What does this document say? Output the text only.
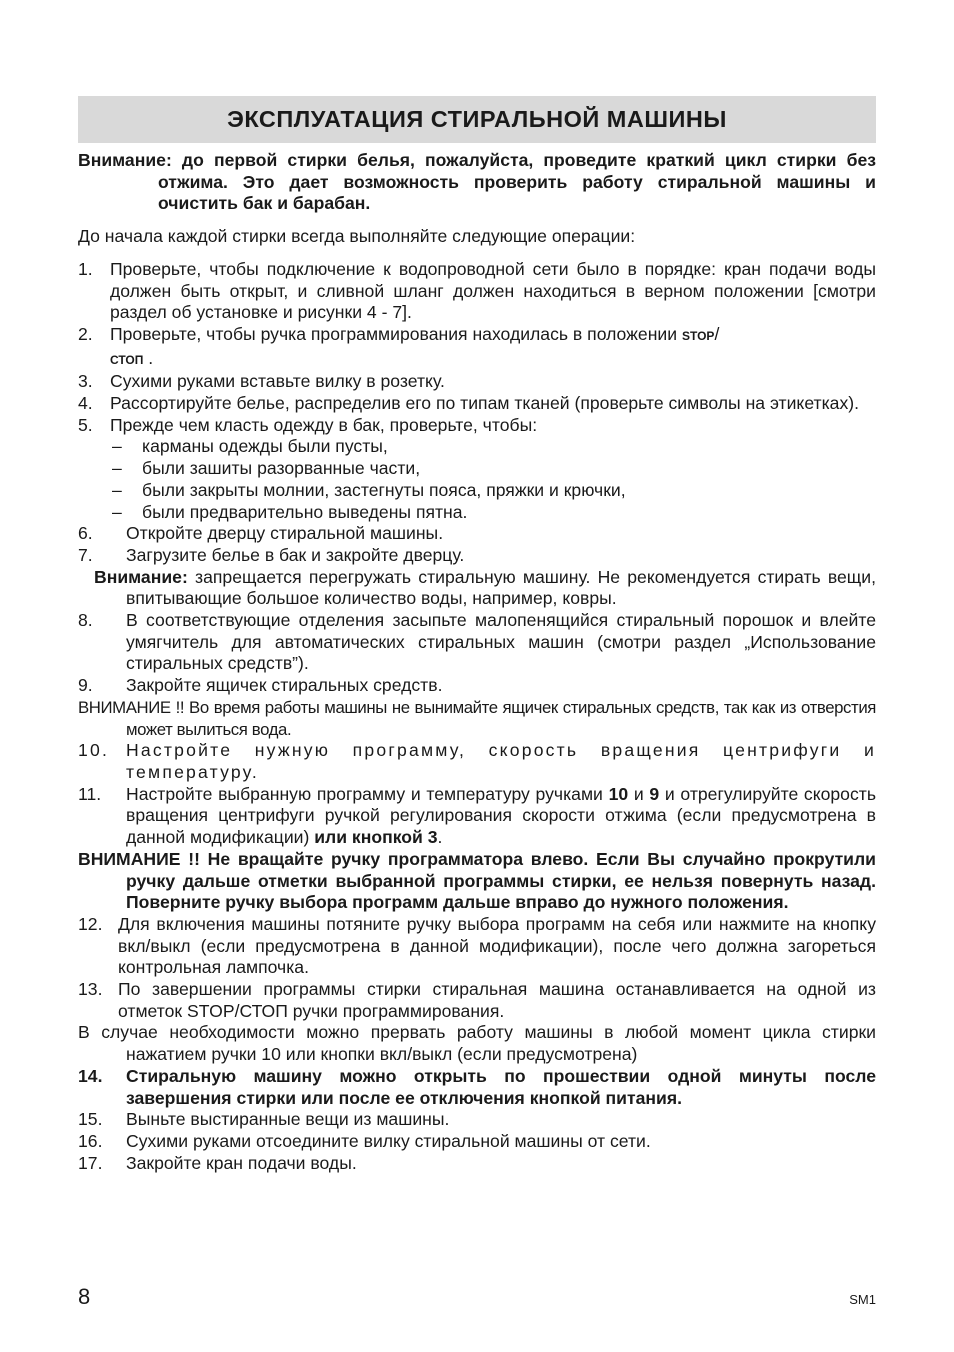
ЭКСПЛУАТАЦИЯ СТИРАЛЬНОЙ МАШИНЫ

Внимание: до первой стирки белья, пожалуйста, проведите краткий цикл стирки без отжима. Это дает возможность проверить работу стиральной машины и очистить бак и барабан.

До начала каждой стирки всегда выполняйте следующие операции:

1. Проверьте, чтобы подключение к водопроводной сети было в порядке: кран подачи воды должен быть открыт, и сливной шланг должен находиться в верном положении [смотри раздел об установке и рисунки 4 - 7].
2. Проверьте, чтобы ручка программирования находилась в положении STOP/
СТОП .
3. Сухими руками вставьте вилку в розетку.
4. Рассортируйте белье, распределив его по типам тканей (проверьте символы на этикетках).
5. Прежде чем класть одежду в бак, проверьте, чтобы:
– карманы одежды были пусты,
– были зашиты разорванные части,
– были закрыты молнии, застегнуты пояса, пряжки и крючки,
– были предварительно выведены пятна.
6. Откройте дверцу стиральной машины.
7. Загрузите белье в бак и закройте дверцу.

Внимание: запрещается перегружать стиральную машину. Не рекомендуется стирать вещи, впитывающие большое количество воды, например, ковры.

8. В соответствующие отделения засыпьте малопенящийся стиральный порошок и влейте умягчитель для автоматических стиральных машин (смотри раздел „Использование стиральных средств”).
9. Закройте ящичек стиральных средств.

ВНИМАНИЕ !! Во время работы машины не вынимайте ящичек стиральных средств, так как из отверстия может вылиться вода.

10. Настройте нужную программу, скорость вращения центрифуги и температуру.
11. Настройте выбранную программу и температуру ручками 10 и 9 и отрегулируйте скорость вращения центрифуги ручкой регулирования скорости отжима (если предусмотрена в данной модификации) или кнопкой 3.

ВНИМАНИЕ !! Не вращайте ручку программатора влево. Если Вы случайно прокрутили ручку дальше отметки выбранной программы стирки, ее нельзя повернуть назад. Поверните ручку выбора программ дальше вправо до нужного положения.

12. Для включения машины потяните ручку выбора программ на себя или нажмите на кнопку вкл/выкл (если предусмотрена в данной модификации), после чего должна загореться контрольная лампочка.
13. По завершении программы стирки стиральная машина останавливается на одной из отметок STOP/СТОП ручки программирования.

В случае необходимости можно прервать работу машины в любой момент цикла стирки нажатием ручки 10 или кнопки вкл/выкл (если предусмотрена)

14. Стиральную машину можно открыть по прошествии одной минуты после завершения стирки или после ее отключения кнопкой питания.
15. Выньте выстиранные вещи из машины.
16. Сухими руками отсоедините вилку стиральной машины от сети.
17. Закройте кран подачи воды.
8	SM1
